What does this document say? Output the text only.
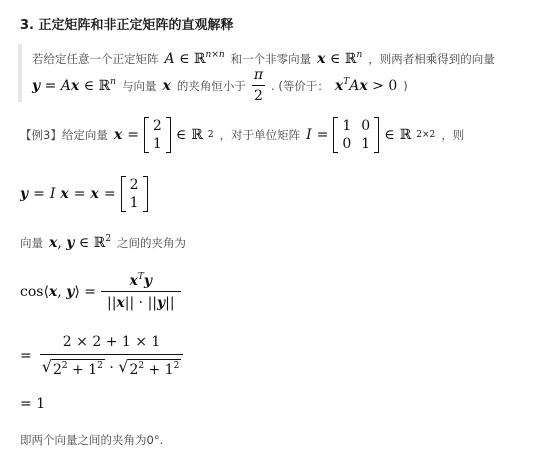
3. 正定矩阵和非正定矩阵的直观解释
若给定任意一个正定矩阵 A ∈ ℝ$^{n\times n}$ 和一个非零向量 x ∈ ℝ$^n$ ，则两者相乘得到的向量
y = Ax ∈ ℝ$^n$ 与向量 x 的夹角恒小于 $\frac{\pi}{2}$ . (等价于： $x^TAx > 0$ )
【例3】给定向量 x =
2
1
∈ ℝ 2 ，对于单位矩阵 I =
1 0
0 1
∈ ℝ 2×2 ，则
y = I x = x =
2
1
向量 x, y ∈ ℝ$^2$ 之间的夹角为
cos⟨x, y⟩ = $\frac{x^Ty}{||x|| \cdot ||y||}$
= $\frac{2 \times 2 + 1 \times 1}{√ 2^2 + 1^2 \cdot √ 2^2 + 1^2}$
= 1
即两个向量之间的夹角为0°.
